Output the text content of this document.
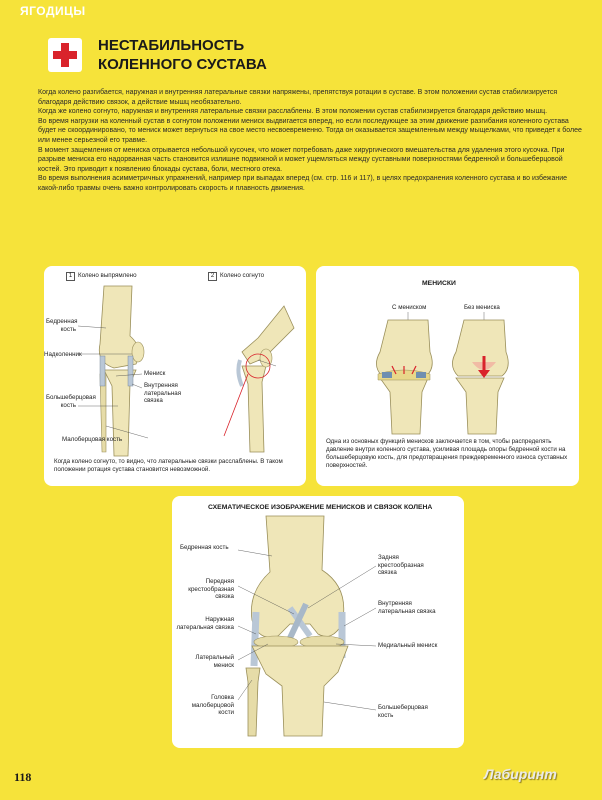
ЯГОДИЦЫ
НЕСТАБИЛЬНОСТЬ
КОЛЕННОГО СУСТАВА

Когда колено разгибается, наружная и внутренняя латеральные связки напряжены, препятствуя ротации в суставе. В этом положении сустав стабилизируется благодаря действию связок, а действие мышц необязательно.

Когда же колено согнуто, наружная и внутренняя латеральные связки расслаблены. В этом положении сустав стабилизируется благодаря действию мышц.

Во время нагрузки на коленный сустав в согнутом положении мениск выдвигается вперед, но если последующее за этим движение разгибания коленного сустава будет не скоординировано, то мениск может вернуться на свое место несвоевременно. Тогда он оказывается защемленным между мыщелками, что приведет к более или менее серьезной его травме.

В момент защемления от мениска отрывается небольшой кусочек, что может потребовать даже хирургического вмешательства для удаления этого кусочка. При разрыве мениска его надорванная часть становится излишне подвижной и может ущемляться между суставными поверхностями бедренной и большеберцовой костей. Это приводит к появлению блокады сустава, боли, местного отека.

Во время выполнения асимметричных упражнений, например при выпадах вперед (см. стр. 116 и 117), в целях предохранения коленного сустава и во избежание какой-либо травмы очень важно контролировать скорость и плавность движения.

1 Колено выпрямлено	2 Колено согнуто
Бедренная кость
Надколенник
Мениск
Внутренняя латеральная связка
Большеберцовая кость
Малоберцовая кость
Когда колено согнуто, то видно, что латеральные связки расслаблены. В таком положении ротация сустава становится невозможной.
МЕНИСКИ
С мениском	Без мениска
Одна из основных функций менисков заключается в том, чтобы распределять давление внутри коленного сустава, усиливая площадь опоры бедренной кости на большеберцовую кость, для предотвращения преждевременного износа суставных поверхностей.
СХЕМАТИЧЕСКОЕ ИЗОБРАЖЕНИЕ МЕНИСКОВ И СВЯЗОК КОЛЕНА
Бедренная кость
Передняя крестообразная связка
Наружная латеральная связка
Латеральный мениск
Головка малоберцовой кости
Задняя крестообразная связка
Внутренняя латеральная связка
Медиальный мениск
Большеберцовая кость
118	Лабиринт
